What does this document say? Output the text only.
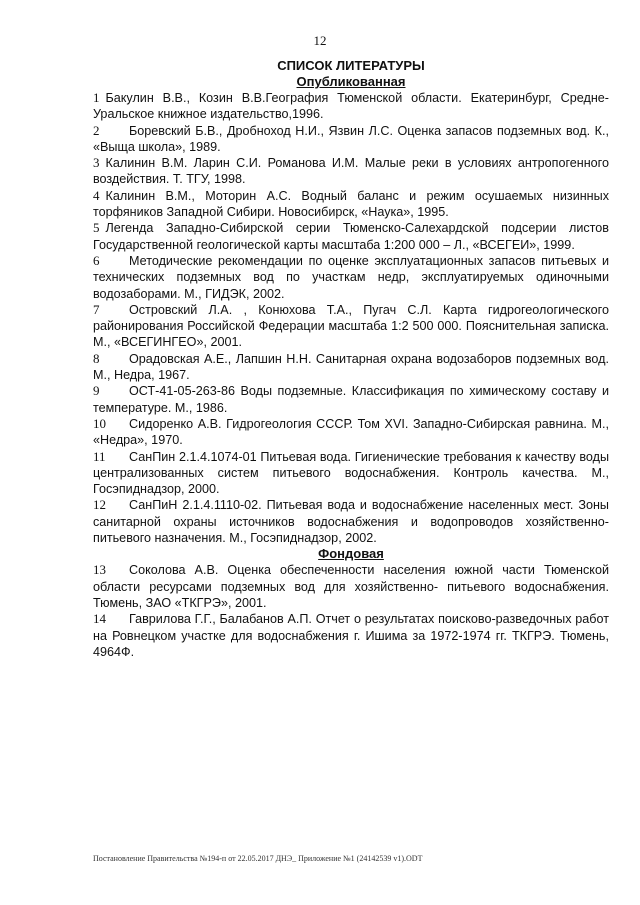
12
СПИСОК ЛИТЕРАТУРЫ
Опубликованная

1 Бакулин В.В., Козин В.В.География Тюменской области. Екатеринбург, Средне-Уральское книжное издательство,1996.

2 Боревский Б.В., Дробноход Н.И., Язвин Л.С. Оценка запасов подземных вод. К., «Выща школа», 1989.

3 Калинин В.М. Ларин С.И. Романова И.М. Малые реки в условиях антропогенного воздействия. Т. ТГУ, 1998.

4 Калинин В.М., Моторин А.С. Водный баланс и режим осушаемых низинных торфяников Западной Сибири. Новосибирск, «Наука», 1995.

5 Легенда Западно-Сибирской серии Тюменско-Салехардской подсерии листов Государственной геологической карты масштаба 1:200 000 – Л., «ВСЕГЕИ», 1999.

6 Методические рекомендации по оценке эксплуатационных запасов питьевых и технических подземных вод по участкам недр, эксплуатируемых одиночными водозаборами. М., ГИДЭК, 2002.

7 Островский Л.А. , Конюхова Т.А., Пугач С.Л. Карта гидрогеологического районирования Российской Федерации масштаба 1:2 500 000. Пояснительная записка. М., «ВСЕГИНГЕО», 2001.

8 Орадовская А.Е., Лапшин Н.Н. Санитарная охрана водозаборов подземных вод. М., Недра, 1967.

9 ОСТ-41-05-263-86 Воды подземные. Классификация по химическому составу и температуре. М., 1986.

10 Сидоренко А.В. Гидрогеология СССР. Том XVI. Западно-Сибирская равнина. М., «Недра», 1970.

11 СанПин 2.1.4.1074-01 Питьевая вода. Гигиенические требования к качеству воды централизованных систем питьевого водоснабжения. Контроль качества. М., Госэпиднадзор, 2000.

12 СанПиН 2.1.4.1110-02. Питьевая вода и водоснабжение населенных мест. Зоны санитарной охраны источников водоснабжения и водопроводов хозяйственно-питьевого назначения. М., Госэпиднадзор, 2002.

Фондовая

13 Соколова А.В. Оценка обеспеченности населения южной части Тюменской области ресурсами подземных вод для хозяйственно- питьевого водоснабжения. Тюмень, ЗАО «ТКГРЭ», 2001.

14 Гаврилова Г.Г., Балабанов А.П. Отчет о результатах поисково-разведочных работ на Ровнецком участке для водоснабжения г. Ишима за 1972-1974 гг. ТКГРЭ. Тюмень, 4964Ф.

Постановление Правительства №194-п от 22.05.2017 ДНЭ_ Приложение №1 (24142539 v1).ODT
